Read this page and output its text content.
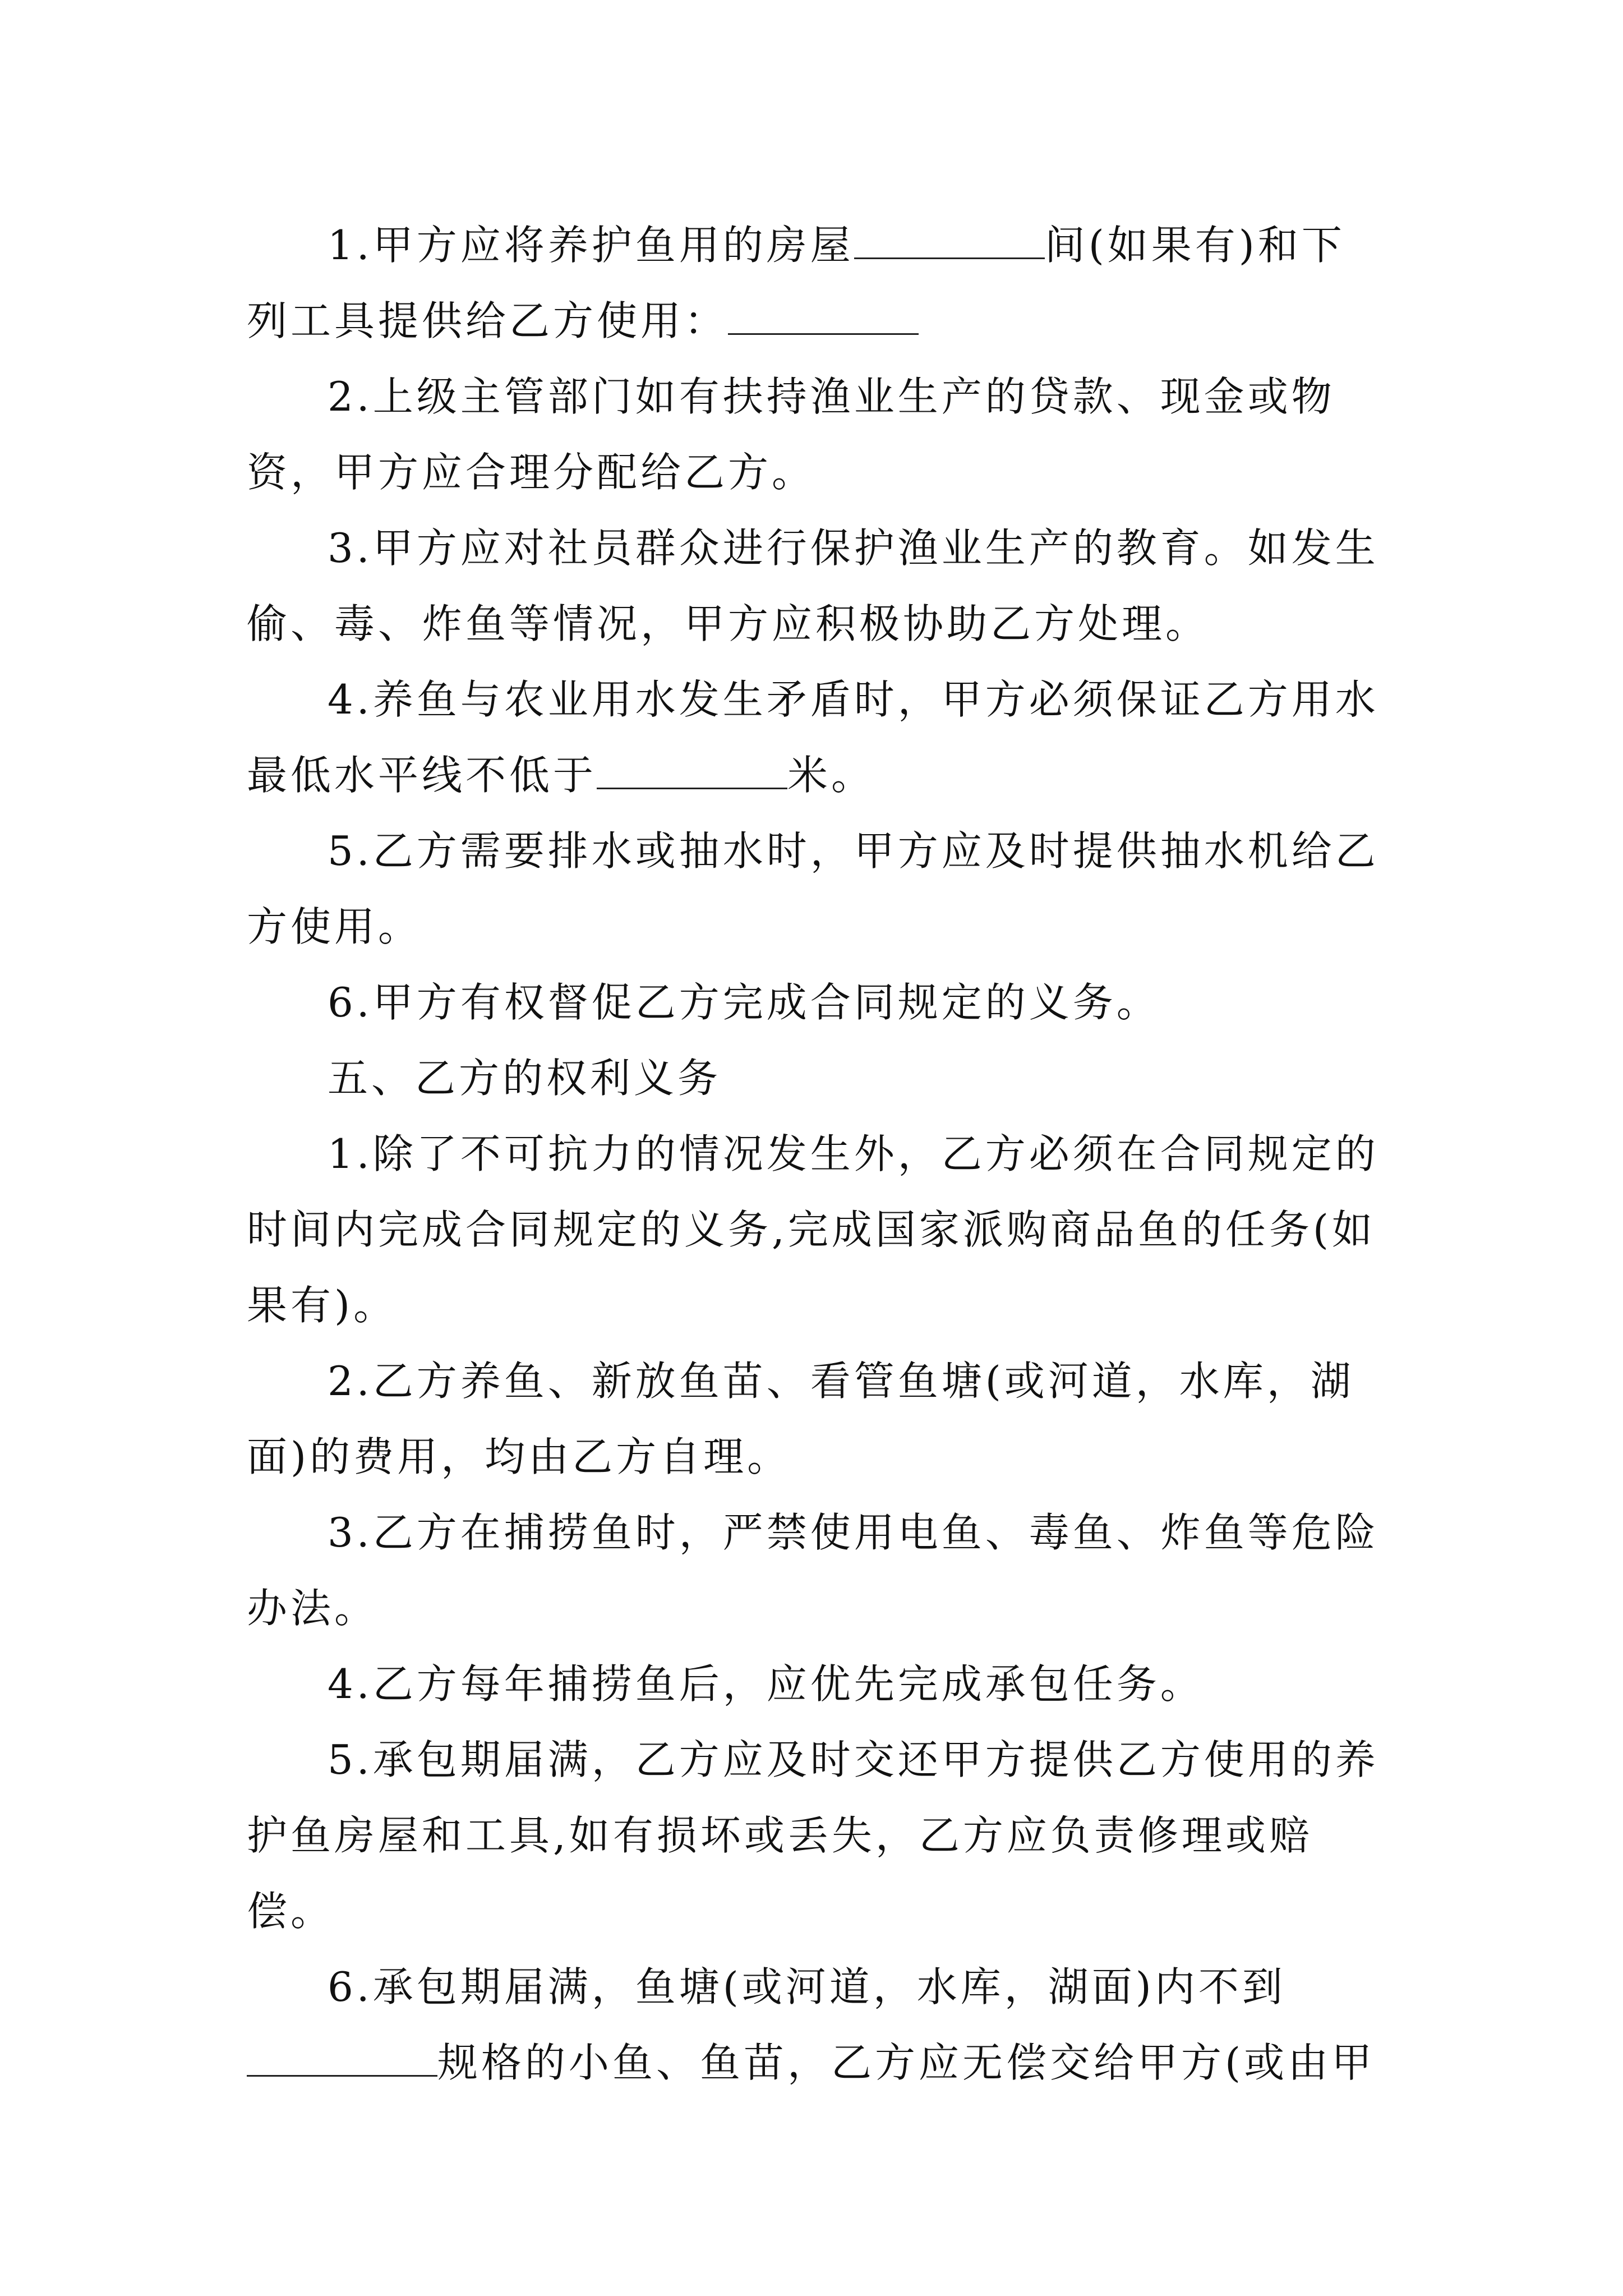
1.甲方应将养护鱼用的房屋	间(如果有)和下列工具提供给乙方使用：

2.上级主管部门如有扶持渔业生产的贷款、现金或物资，甲方应合理分配给乙方。

3.甲方应对社员群众进行保护渔业生产的教育。如发生偷、毒、炸鱼等情况，甲方应积极协助乙方处理。

4.养鱼与农业用水发生矛盾时，甲方必须保证乙方用水最低水平线不低于	米。

5.乙方需要排水或抽水时，甲方应及时提供抽水机给乙方使用。

6.甲方有权督促乙方完成合同规定的义务。

五、乙方的权利义务

1.除了不可抗力的情况发生外，乙方必须在合同规定的时间内完成合同规定的义务,完成国家派购商品鱼的任务(如果有)。

2.乙方养鱼、新放鱼苗、看管鱼塘(或河道，水库，湖面)的费用，均由乙方自理。

3.乙方在捕捞鱼时，严禁使用电鱼、毒鱼、炸鱼等危险办法。

4.乙方每年捕捞鱼后，应优先完成承包任务。

5.承包期届满，乙方应及时交还甲方提供乙方使用的养护鱼房屋和工具,如有损坏或丢失，乙方应负责修理或赔偿。

6.承包期届满，鱼塘(或河道，水库，湖面)内不到规格的小鱼、鱼苗，乙方应无偿交给甲方(或由甲
